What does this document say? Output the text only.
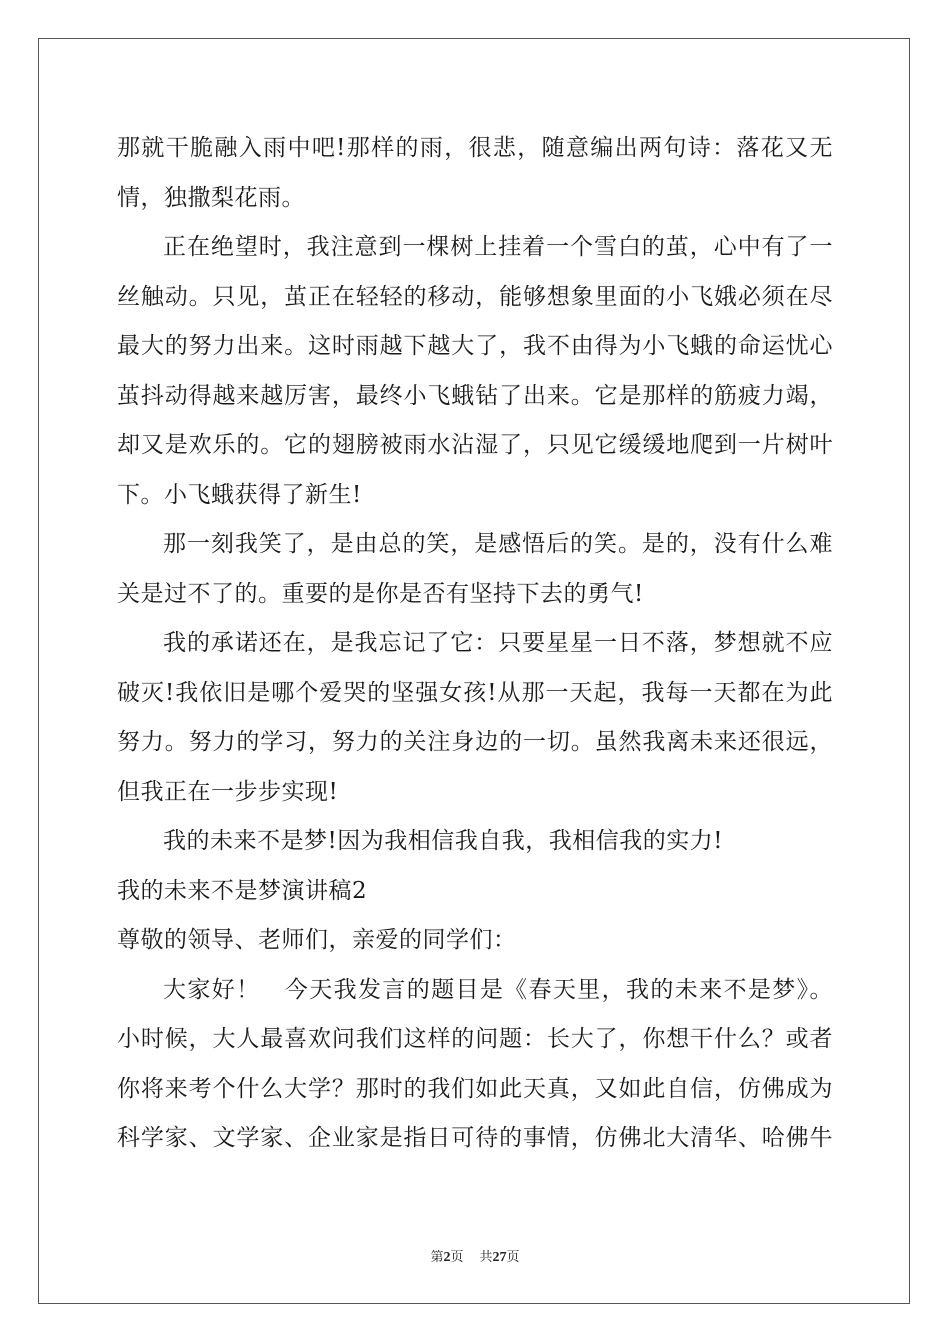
那就干脆融入雨中吧!那样的雨，很悲，随意编出两句诗：落花又无
情，独撒梨花雨。
正在绝望时，我注意到一棵树上挂着一个雪白的茧，心中有了一
丝触动。只见，茧正在轻轻的移动，能够想象里面的小飞娥必须在尽
最大的努力出来。这时雨越下越大了，我不由得为小飞蛾的命运忧心
茧抖动得越来越厉害，最终小飞蛾钻了出来。它是那样的筋疲力竭，
却又是欢乐的。它的翅膀被雨水沾湿了，只见它缓缓地爬到一片树叶
下。小飞蛾获得了新生!
那一刻我笑了，是由总的笑，是感悟后的笑。是的，没有什么难
关是过不了的。重要的是你是否有坚持下去的勇气!
我的承诺还在，是我忘记了它：只要星星一日不落，梦想就不应
破灭!我依旧是哪个爱哭的坚强女孩!从那一天起，我每一天都在为此
努力。努力的学习，努力的关注身边的一切。虽然我离未来还很远，
但我正在一步步实现!
我的未来不是梦!因为我相信我自我，我相信我的实力!
我的未来不是梦演讲稿2
尊敬的领导、老师们，亲爱的同学们：
大家好！　今天我发言的题目是《春天里，我的未来不是梦》。
小时候，大人最喜欢问我们这样的问题：长大了，你想干什么？或者
你将来考个什么大学？那时的我们如此天真，又如此自信，仿佛成为
科学家、文学家、企业家是指日可待的事情，仿佛北大清华、哈佛牛
第2页 共27页
